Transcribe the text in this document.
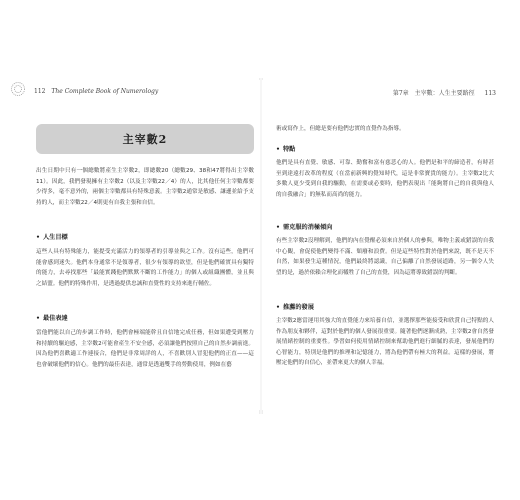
112 The Complete Book of Numerology
主宰數2

出生日期中只有一個總數將產生主宰數2，即總數20（總數29、38和47將得出主宰數11）。因此，我們發現擁有主宰數2（以及主宰數22／4）的人，比其他任何主宰數都要少得多，毫不意外的，兩個主宰數都具有特殊意義。主宰數2通常是敏感、謙遜並給予支持的人，而主宰數22／4則更有自我主張和自信。

• 人生目標

這些人具有特殊能力，能提受充滿活力的領導者的引導並與之工作。沒有這些，他們可能會感到迷失。他們本身通常不是領導者，很少有領導的欲望，但是他們確實具有獨特的能力，去尋找那些「最能實踐他們默默不斷的工作能力」的個人或組織團體，並且與之結盟。他們的特殊作用，是透過提供忠誠和直覺性的支持來進行輔佐。

• 最佳表達

當他們能以自己的步調工作時，他們會極端能幹且自信地完成任務，但如果遭受到壓力和持續的驅迫感，主宰數2可能會產生不安全感，必須讓他們按照自己的自然步調前進。因為他們喜歡適工作連接合，他們是非常周詳的人，不喜歡別人冒犯他們的正直——這也會破壞他們的信心。他們的最佳表達，通常是透過雙手的勞動使用，例如在藝

第7章 主宰數：人生主要路徑 113

術或寫作上，但總是要有他們忠實的直覺作為指導。

• 特點

他們是具有直覺、敏感、可靠、勤奮和富有慈悲心的人。他們是和平的締造者，有時甚至到達遠打改革的程度（在當前新興的覺知時代，這是非常寶貴的能力）。主宰數2比大多數人更少受到自我的驅動，在需要或必要時，他們表現出「能夠將自己的自我與他人的自我融合」的無私而高尚的能力。

• 需克服的消極傾向

有些主宰數2沒理解到，他們的內在覺醒必須來自於個人的參與，唯物主義或錯誤的自我中心觀，會促使他們變得不滿、頹廢和浪費。但是這些特性對於他們來說，既不是天不自然，如果發生這種情況，他們最終將認識，自己偏離了自然發展道路，另一個令人失望的是，過於依賴合理化而犧牲了自己的直覺，因為這將導致錯誤的判斷。

• 推薦的發展

主宰數2應當運用其強大的直覺能力來培養自信，並選擇那些能接受和欣賞自己特點的人作為朋友和夥伴，這對於他們的個人發展很重要。隨著他們逐漸成熟，主宰數2會自然發展情緒控制的重要性。學習如何使用情緒控制來幫助他們進行細膩的表達，發展他們的心智能力，特別是他們的推理和記憶能力，將為他們帶有極大的利益。這樣的發展，將壓定他們的自信心，並帶來更大的個人幸福。
